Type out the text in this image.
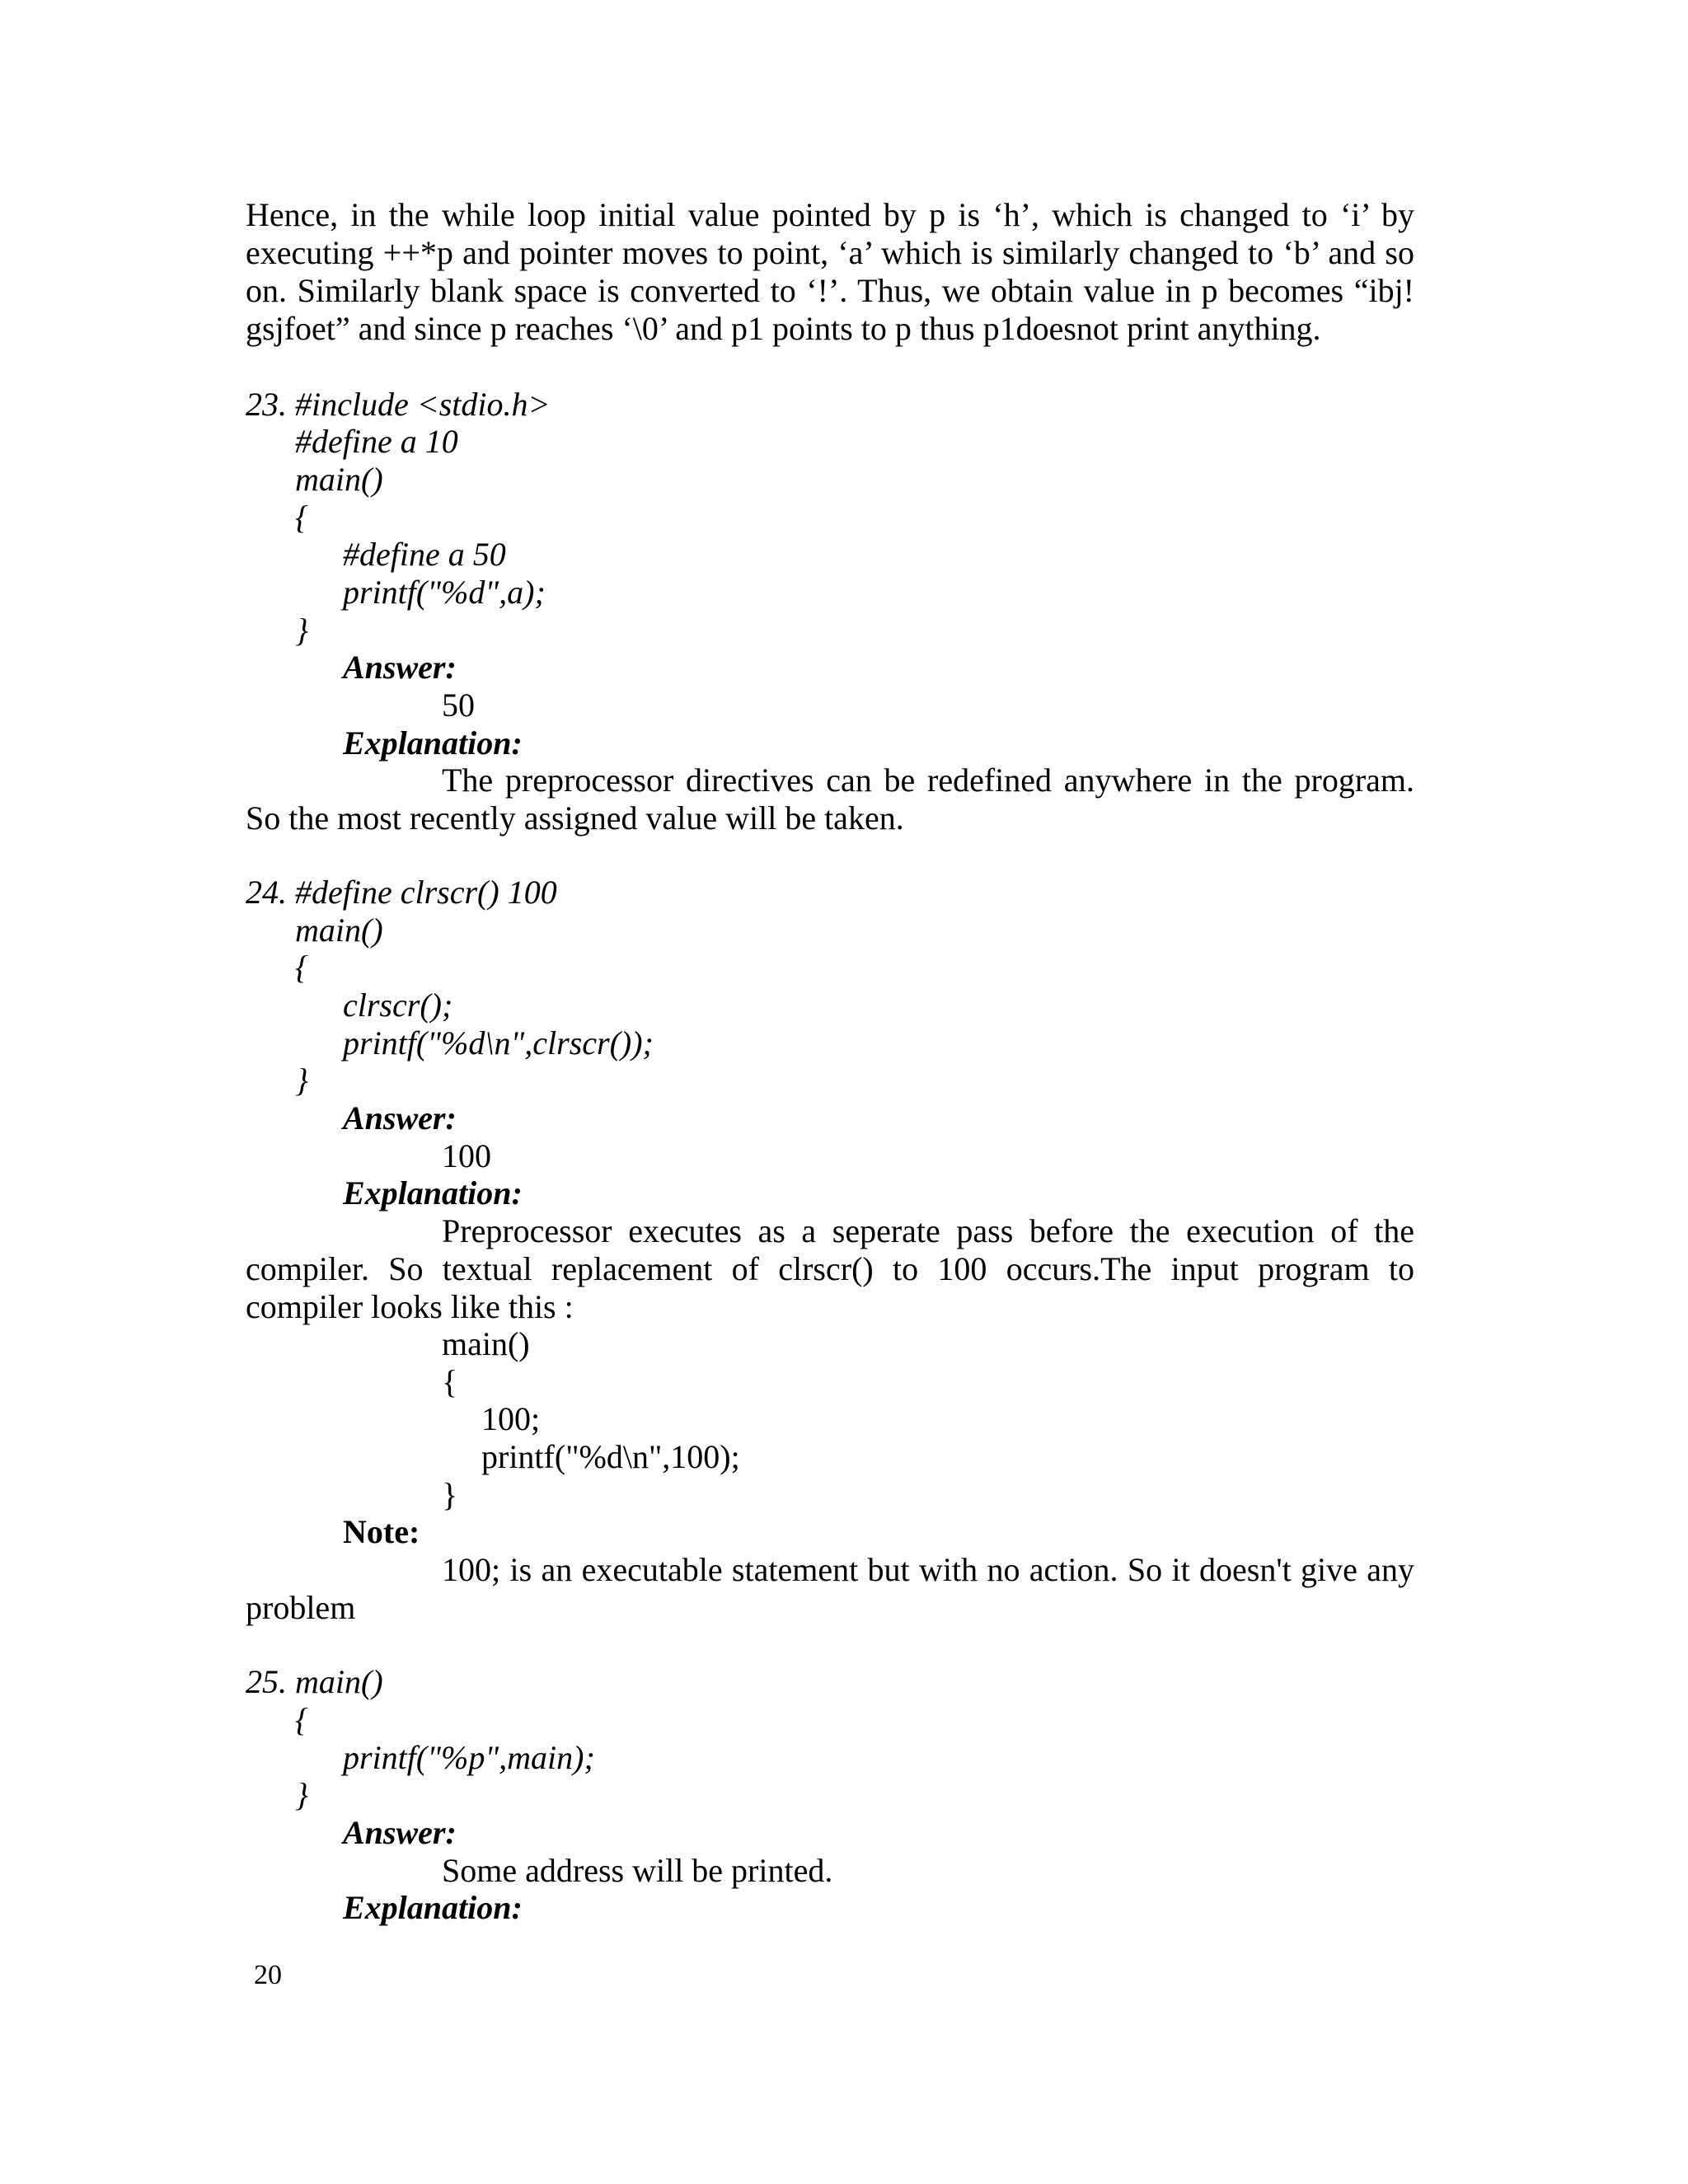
Hence, in the while loop initial value pointed by p is ‘h’, which is changed to ‘i’ by executing ++*p and pointer moves to point, ‘a’ which is similarly changed to ‘b’ and so on. Similarly blank space is converted to ‘!’. Thus, we obtain value in p becomes “ibj! gsjfoet” and since p reaches ‘\0’ and p1 points to p thus p1doesnot print anything.

23. #include <stdio.h>
#define a 10
main()
{
#define a 50
printf("%d",a);
}
Answer:
50
Explanation:

The preprocessor directives can be redefined anywhere in the program. So the most recently assigned value will be taken.

24. #define clrscr() 100
main()
{
clrscr();
printf("%d\n",clrscr());
}
Answer:
100
Explanation:

Preprocessor executes as a seperate pass before the execution of the compiler. So textual replacement of clrscr() to 100 occurs.The input program to compiler looks like this :

main()
{
100;
printf("%d\n",100);
}
Note:

100; is an executable statement but with no action. So it doesn't give any problem

25. main()
{
printf("%p",main);
}
Answer:
Some address will be printed.
Explanation:
20
